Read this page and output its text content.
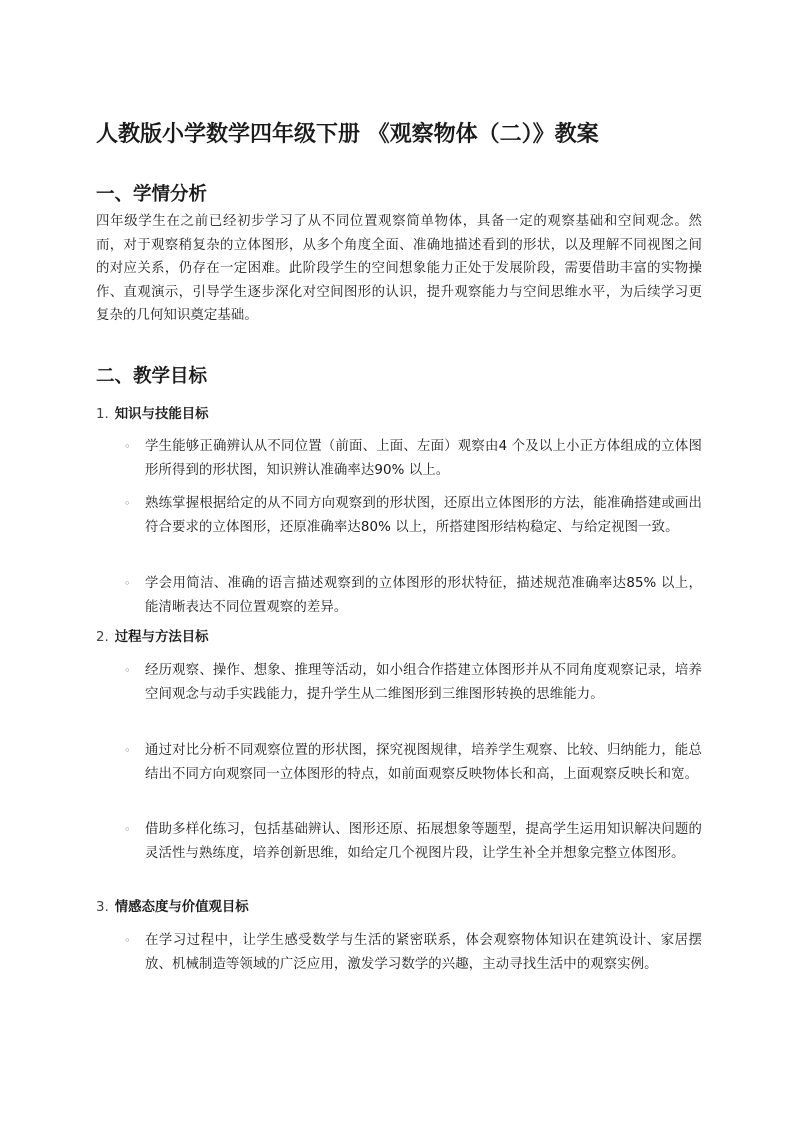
人教版小学数学四年级下册 《观察物体（二）》教案
一、学情分析

四年级学生在之前已经初步学习了从不同位置观察简单物体，具备一定的观察基础和空间观念。然而，对于观察稍复杂的立体图形，从多个角度全面、准确地描述看到的形状，以及理解不同视图之间的对应关系，仍存在一定困难。此阶段学生的空间想象能力正处于发展阶段，需要借助丰富的实物操作、直观演示，引导学生逐步深化对空间图形的认识，提升观察能力与空间思维水平，为后续学习更复杂的几何知识奠定基础。

二、教学目标
1. 知识与技能目标
◦ 学生能够正确辨认从不同位置（前面、上面、左面）观察由4 个及以上小正方体组成的立体图形所得到的形状图，知识辨认准确率达90% 以上。

◦ 熟练掌握根据给定的从不同方向观察到的形状图，还原出立体图形的方法，能准确搭建或画出符合要求的立体图形，还原准确率达80% 以上，所搭建图形结构稳定、与给定视图一致。

◦ 学会用简洁、准确的语言描述观察到的立体图形的形状特征，描述规范准确率达85% 以上，能清晰表达不同位置观察的差异。

2. 过程与方法目标
◦ 经历观察、操作、想象、推理等活动，如小组合作搭建立体图形并从不同角度观察记录，培养空间观念与动手实践能力，提升学生从二维图形到三维图形转换的思维能力。

◦ 通过对比分析不同观察位置的形状图，探究视图规律，培养学生观察、比较、归纳能力，能总结出不同方向观察同一立体图形的特点，如前面观察反映物体长和高，上面观察反映长和宽。

◦ 借助多样化练习，包括基础辨认、图形还原、拓展想象等题型，提高学生运用知识解决问题的灵活性与熟练度，培养创新思维，如给定几个视图片段，让学生补全并想象完整立体图形。

3. 情感态度与价值观目标
◦ 在学习过程中，让学生感受数学与生活的紧密联系，体会观察物体知识在建筑设计、家居摆放、机械制造等领域的广泛应用，激发学习数学的兴趣，主动寻找生活中的观察实例。
